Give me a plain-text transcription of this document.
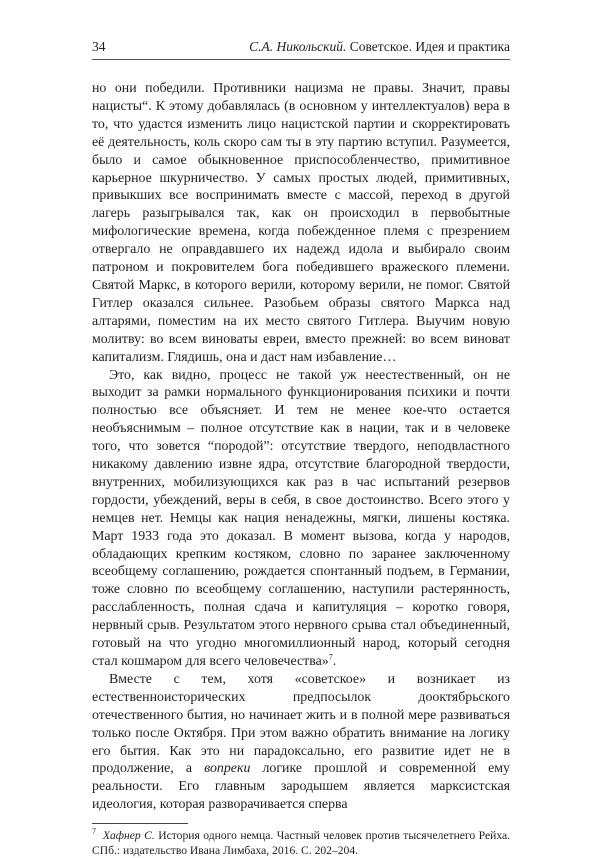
34	С.А. Никольский. Советское. Идея и практика

но они победили. Противники нацизма не правы. Значит, правы нацисты“. К этому добавлялась (в основном у интеллектуалов) вера в то, что удастся изменить лицо нацистской партии и скорректировать её деятельность, коль скоро сам ты в эту партию вступил. Разумеется, было и самое обыкновенное приспособленчество, примитивное карьерное шкурничество. У самых простых людей, примитивных, привыкших все воспринимать вместе с массой, переход в другой лагерь разыгрывался так, как он происходил в первобытные мифологические времена, когда побежденное племя с презрением отвергало не оправдавшего их надежд идола и выбирало своим патроном и покровителем бога победившего вражеского племени. Святой Маркс, в которого верили, которому верили, не помог. Святой Гитлер оказался сильнее. Разобьем образы святого Маркса над алтарями, поместим на их место святого Гитлера. Выучим новую молитву: во всем виноваты евреи, вместо прежней: во всем виноват капитализм. Глядишь, она и даст нам избавление…

Это, как видно, процесс не такой уж неестественный, он не выходит за рамки нормального функционирования психики и почти полностью все объясняет. И тем не менее кое-что остается необъяснимым – полное отсутствие как в нации, так и в человеке того, что зовется “породой”: отсутствие твердого, неподвластного никакому давлению извне ядра, отсутствие благородной твердости, внутренних, мобилизующихся как раз в час испытаний резервов гордости, убеждений, веры в себя, в свое достоинство. Всего этого у немцев нет. Немцы как нация ненадежны, мягки, лишены костяка. Март 1933 года это доказал. В момент вызова, когда у народов, обладающих крепким костяком, словно по заранее заключенному всеобщему соглашению, рождается спонтанный подъем, в Германии, тоже словно по всеобщему соглашению, наступили растерянность, расслабленность, полная сдача и капитуляция – коротко говоря, нервный срыв. Результатом этого нервного срыва стал объединенный, готовый на что угодно многомиллионный народ, который сегодня стал кошмаром для всего человечества»$^7$.

Вместе с тем, хотя «советское» и возникает из естественноисторических предпосылок дооктябрьского отечественного бытия, но начинает жить и в полной мере развиваться только после Октября. При этом важно обратить внимание на логику его бытия. Как это ни парадоксально, его развитие идет не в продолжение, а вопреки логике прошлой и современной ему реальности. Его главным зародышем является марксистская идеология, которая разворачивается сперва

$^7$ Хафнер С. История одного немца. Частный человек против тысячелетнего Рейха. СПб.: издательство Ивана Лимбаха, 2016. С. 202–204.
